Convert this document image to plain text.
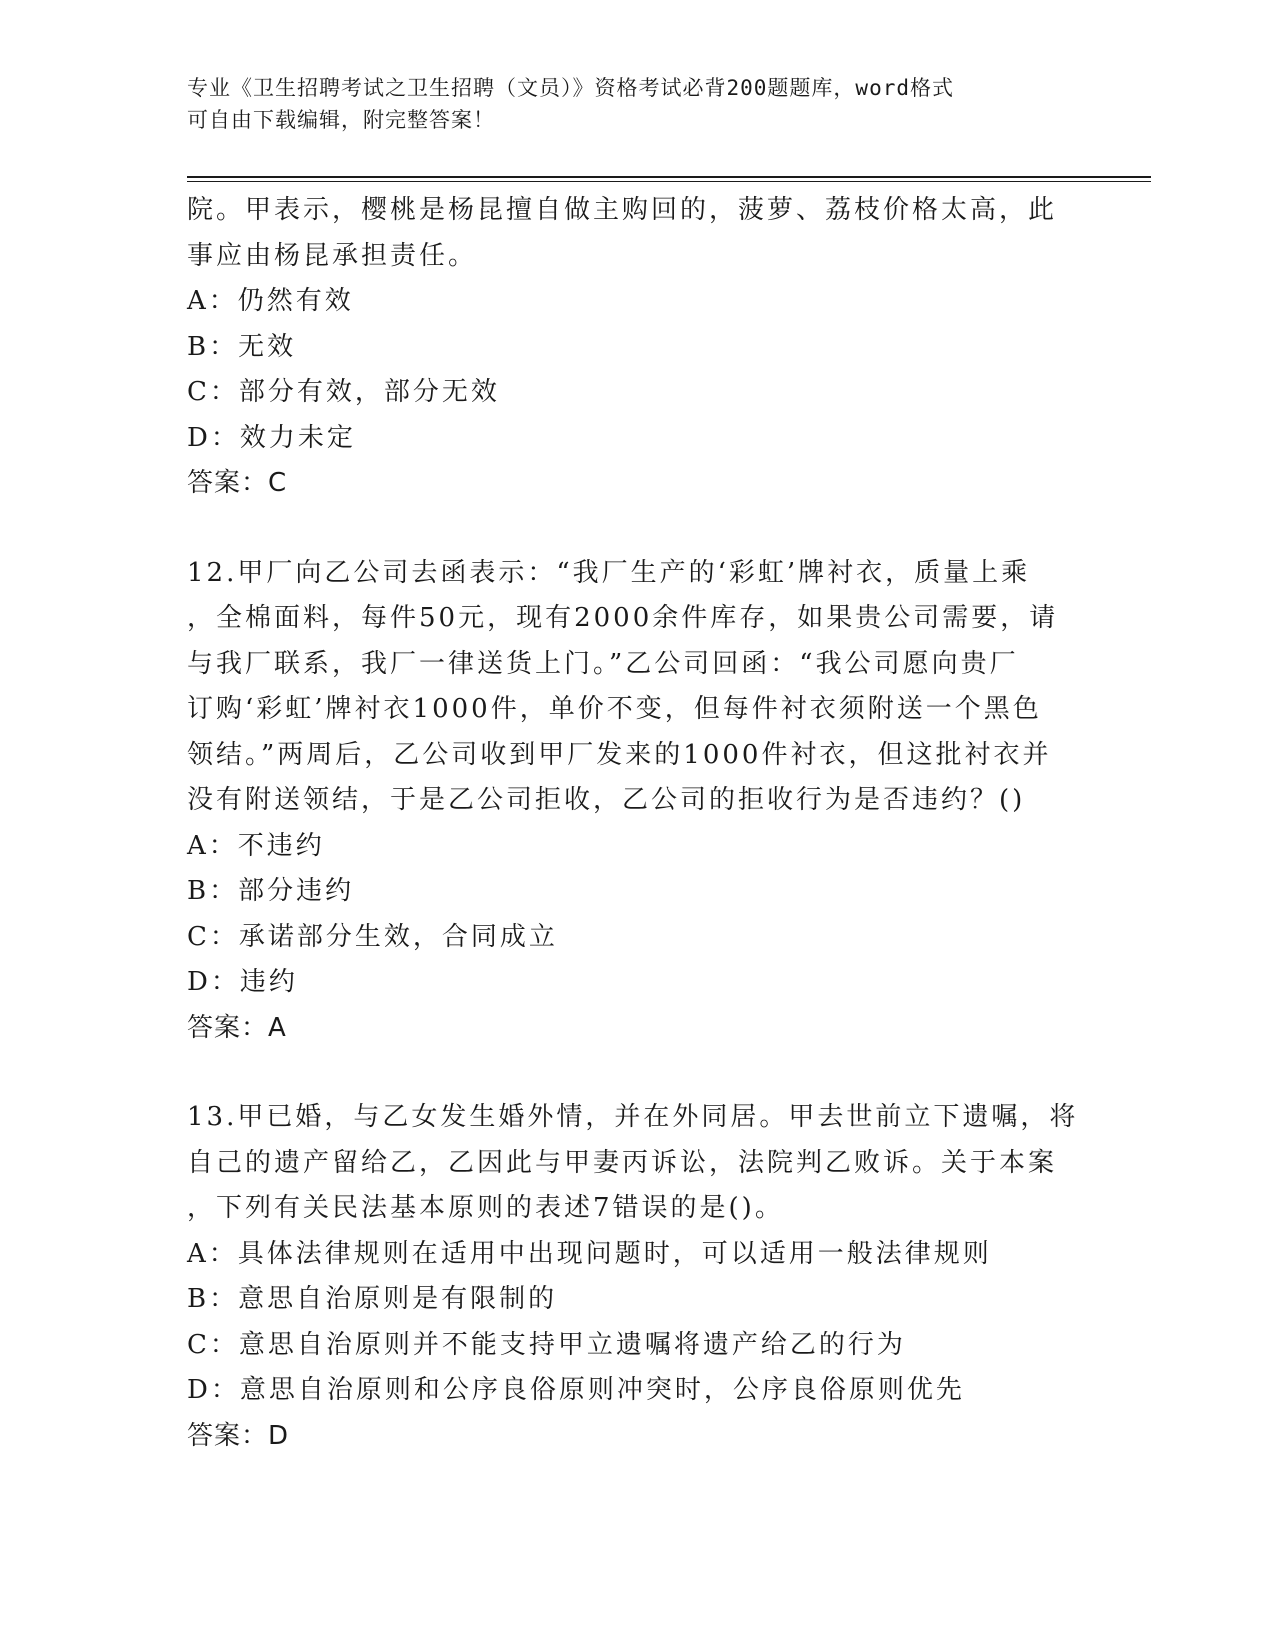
专业《卫生招聘考试之卫生招聘（文员）》资格考试必背200题题库，word格式
可自由下载编辑，附完整答案！
院。甲表示，樱桃是杨昆擅自做主购回的，菠萝、荔枝价格太高，此
事应由杨昆承担责任。
A：仍然有效
B：无效
C：部分有效，部分无效
D：效力未定
答案：C
12.甲厂向乙公司去函表示：“我厂生产的‘彩虹’牌衬衣，质量上乘
，全棉面料，每件50元，现有2000余件库存，如果贵公司需要，请
与我厂联系，我厂一律送货上门。”乙公司回函：“我公司愿向贵厂
订购‘彩虹’牌衬衣1000件，单价不变，但每件衬衣须附送一个黑色
领结。”两周后，乙公司收到甲厂发来的1000件衬衣，但这批衬衣并
没有附送领结，于是乙公司拒收，乙公司的拒收行为是否违约？()
A：不违约
B：部分违约
C：承诺部分生效，合同成立
D：违约
答案：A
13.甲已婚，与乙女发生婚外情，并在外同居。甲去世前立下遗嘱，将
自己的遗产留给乙，乙因此与甲妻丙诉讼，法院判乙败诉。关于本案
，下列有关民法基本原则的表述7错误的是()。
A：具体法律规则在适用中出现问题时，可以适用一般法律规则
B：意思自治原则是有限制的
C：意思自治原则并不能支持甲立遗嘱将遗产给乙的行为
D：意思自治原则和公序良俗原则冲突时，公序良俗原则优先
答案：D
